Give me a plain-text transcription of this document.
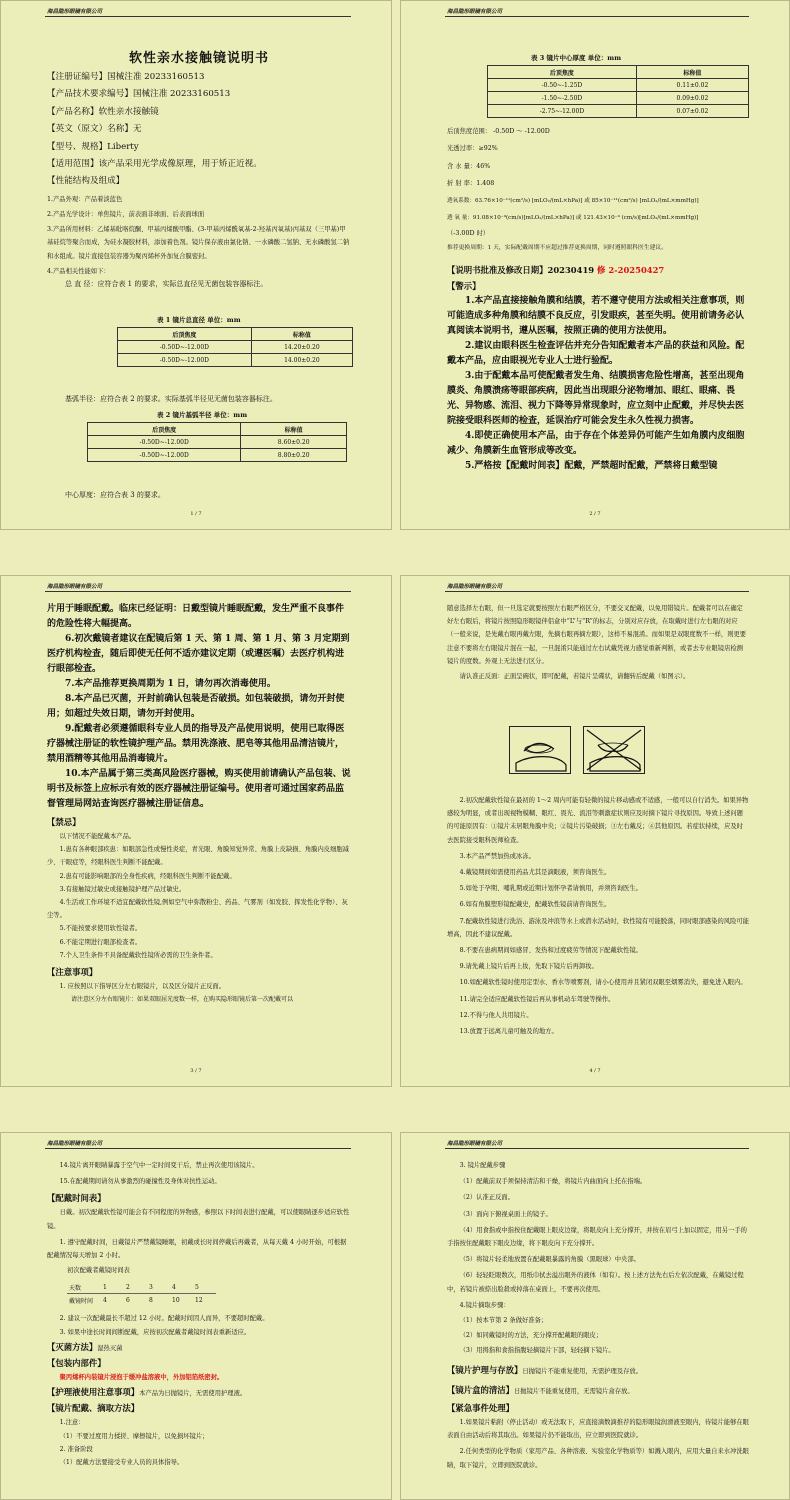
海昌隐形眼镜有限公司
软性亲水接触镜说明书
【注册证编号】国械注准 20233160513
【产品技术要求编号】国械注准 20233160513
【产品名称】软性亲水接触镜
【英文（原文）名称】无
【型号、规格】Liberty
【适用范围】该产品采用光学成像原理，用于矫正近视。
【性能结构及组成】
1.产品外观：产品着淡蓝色
2.产品光学设计：单焦镜片，前表面非球面、后表面球面
3.产品所用材料：乙烯基吡咯烷酮、甲基丙烯酸甲酯、(3-甲基丙烯酰氧基-2-羟基丙氧基)丙基双（三甲基)甲基硅烷等聚合而成，为硅水凝胶材料，添加着色剂。镜片保存液由氯化钠、一水磷酸二氢钠、无水磷酸氢二钠和水组成。镜片直接包装容器为聚丙烯杯外加复合膜密封。
4.产品相关性能如下：
总 直 径：应符合表 1 的要求，实际总直径见无菌包装容器标注。
表 1 镜片总直径 单位：mm
后顶焦度	标称值
-0.50D~-12.00D	14.20±0.20
-0.50D~-12.00D	14.00±0.20
基弧半径：应符合表 2 的要求。实际基弧半径见无菌包装容器标注。
表 2 镜片基弧半径 单位：mm
后顶焦度	标称值
-0.50D~-12.00D	8.60±0.20
-0.50D~-12.00D	8.80±0.20
中心厚度：应符合表 3 的要求。
1 / 7
海昌隐形眼镜有限公司
表 3 镜片中心厚度 单位：mm
后顶焦度	标称值
-0.50~-1.25D	0.11±0.02
-1.50~-2.50D	0.09±0.02
-2.75~-12.00D	0.07±0.02
后顶焦度范围： -0.50D ～ -12.00D
光透过率：≥92%
含 水 量：46%
折 射 率：1.408
透氧系数：63.76×10⁻¹¹(cm²/s) [mLO₂/(mL×hPa)] 或 85×10⁻¹¹(cm²/s) [mLO₂/(mL×mmHg)]
透 氧 量：91.08×10⁻⁹(cm/s)[mLO₂/(mL×hPa)] 或 121.43×10⁻⁹ (cm/s)[mLO₂/(mL×mmHg)]
（-3.00D 时）
推荐更换周期：1 天，实际配戴周期不应超过推荐更换周期，同时遵照眼科医生建议。
【说明书批准及修改日期】20230419 修 2-20250427
【警示】
1.本产品直接接触角膜和结膜，若不遵守使用方法或相关注意事项，则可能造成多种角膜和结膜不良反应，引发眼疾，甚至失明。使用前请务必认真阅读本说明书，遵从医嘱，按照正确的使用方法使用。
2.建议由眼科医生检查评估并充分告知配戴者本产品的获益和风险。配戴本产品，应由眼视光专业人士进行验配。
3.由于配戴本品可使配戴者发生角、结膜损害危险性增高，甚至出现角膜炎、角膜溃疡等眼部疾病，因此当出现眼分泌物增加、眼红、眼痛、畏光、异物感、流泪、视力下降等异常现象时，应立刻中止配戴，并尽快去医院接受眼科医师的检查，延误治疗可能会发生永久性视力损害。
4.即使正确使用本产品，由于存在个体差异仍可能产生如角膜内皮细胞减少、角膜新生血管形成等改变。
5.严格按【配戴时间表】配戴，严禁超时配戴，严禁将日戴型镜
2 / 7
海昌隐形眼镜有限公司
片用于睡眠配戴。临床已经证明：日戴型镜片睡眠配戴，发生严重不良事件的危险性将大幅提高。
6.初次戴镜者建议在配镜后第 1 天、第 1 周、第 1 月、第 3 月定期到医疗机构检查，随后即使无任何不适亦建议定期（或遵医嘱）去医疗机构进行眼部检查。
7.本产品推荐更换周期为 1 日，请勿再次消毒使用。
8.本产品已灭菌，开封前确认包装是否破损。如包装破损，请勿开封使用；如超过失效日期，请勿开封使用。
9.配戴者必须遵循眼科专业人员的指导及产品使用说明，使用已取得医疗器械注册证的软性镜护理产品。禁用洗涤液、肥皂等其他用品清洁镜片，禁用酒精等其他用品消毒镜片。
10.本产品属于第三类高风险医疗器械，购买使用前请确认产品包装、说明书及标签上应标示有效的医疗器械注册证编号。使用者可通过国家药品监督管理局网站查询医疗器械注册证信息。
【禁忌】
以下情况不能配戴本产品。
1.患有各种眼部疾患：如眼部急性或慢性炎症，青光眼、角膜知觉异常、角膜上皮缺损、角膜内皮细胞减少、干眼症等，经眼科医生判断不能配戴。
2.患有可能影响眼部的全身性疾病，经眼科医生判断不能配戴。
3.有接触镜过敏史或接触镜护理产品过敏史。
4.生活或工作环境不适宜配戴软性镜,例如空气中弥散粉尘、药品、气雾剂（如发胶、挥发性化学物）、灰尘等。
5.不能按要求使用软性镜者。
6.不能定期进行眼部检查者。
7.个人卫生条件不具备配戴软性镜所必需的卫生条件者。
【注意事项】
1. 应按照以下指导区分左右眼镜片，以及区分镜片正反面。
请注意区分左右眼镜片：如果双眼屈光度数一样，在购买隐形眼镜后第一次配戴可以
3 / 7
海昌隐形眼镜有限公司
随意选择左右眼，但一旦选定就要按照左右眼严格区分，不要交叉配戴，以免用错镜片。配戴者可以在确定好左右眼后，将镜片按照隐形眼镜伴侣盒中“L”与“R”的标志，分别对应存放，在取戴时进行左右眼的对应（一般来说，是先戴右眼再戴左眼，先摘右眼再摘左眼），这样不易混淆。而如果是双眼度数不一样，则更要注意不要将左右眼镜片混在一起，一旦混淆只能通过左右试戴凭视力感觉重新判断，或者去专业眼镜店检测镜片的度数。外观上无法进行区分。
请认准正反面：正面呈碗状，即可配戴，若镜片呈碟状，请翻转后配戴（如图示）。
2.初次配戴软性镜在最初的 1～2 周内可能有轻微的镜片移动感或不适感，一般可以自行消失。如果异物感较为明显，或者出现视物模糊、眼红、畏光、流泪等刺激症状则应及时摘下镜片寻找原因。导致上述问题的可能原因有：①镜片未居眼角膜中央；②镜片污染破损；③左右戴反；④其他原因。若症状持续，应及时去医院接受眼科医师检查。
3.本产品严禁加热或冰冻。
4.戴镜期间如需使用药品尤其是滴眼液，须咨询医生。
5.如处于孕期、哺乳期或近期计划怀孕者请慎用，并须咨询医生。
6.如有角膜塑形镜配戴史，配戴软性镜前请咨询医生。
7.配戴软性镜进行洗浴、游泳及冲浪等水上或潜水活动时，软性镜有可能脱落，同时眼部感染的风险可能增高，因此不建议配戴。
8.不要在患病期间如感冒、发热和过度疲劳等情况下配戴软性镜。
9.请先戴上镜片后再上妆，先取下镜片后再卸妆。
10.如配戴软性镜时使用定型水、香水等喷雾剂，请小心使用并且紧闭双眼至烟雾消失，避免进入眼内。
11.请完全适应配戴软性镜后再从事机动车驾驶等操作。
12.不得与他人共用镜片。
13.放置于远离儿童可触及的地方。
4 / 7
海昌隐形眼镜有限公司
14.镜片离开眼睛暴露于空气中一定时间变干后，禁止再次使用该镜片。
15.在配戴期间请勿从事激烈的碰撞性及身体对抗性运动。
【配戴时间表】
日戴。初次配戴软性镜可能会有不同程度的异物感，参照以下时间表进行配戴，可以使眼睛逐步适应软性镜。
1. 遵守配戴时间，日戴镜片严禁戴镜睡眠，初戴或长时间停戴后再戴者，从每天戴 4 小时开始，可根据配戴情况每天增加 2 小时。
初次配戴者戴镜时间表
天数	1	2	3	4	5
戴镜时间	4	6	8	10	12
2. 建议一次配戴最长不超过 12 小时。配戴时间因人而异，不要超时配戴。
3. 如果中途长时间间断配戴，应按初次配戴者戴镜时间表重新适应。
【灭菌方法】湿热灭菌
【包装内部件】
聚丙烯杯内装镜片浸泡于缓冲盐溶液中，外加铝箔纸密封。
【护理液使用注意事项】本产品为日抛镜片，无需使用护理液。
【镜片配戴、摘取方法】
1.注意：
（1）不要过度用力揉搓、摩擦镜片，以免损坏镜片；
2. 准备阶段
（1）配戴方法要接受专业人员的具体指导。
海昌隐形眼镜有限公司
3. 镜片配戴步骤
（1）配戴前双手须保持清洁和干燥，将镜片内曲面向上托在指端。
（2）认准正反面。
（3）面向下俯视桌面上的镜子。
（4）用食指或中指按住配戴眼上眼皮边缘，将眼皮向上充分撑开，并按在眉弓上加以固定，用另一手的手指按住配戴眼下眼皮边缘，将下眼皮向下充分撑开。
（5）将镜片轻柔地放置在配戴眼暴露的角膜（黑眼球）中央部。
（6）轻轻眨眼数次，用纸巾拭去溢出眼外的液体（如有）。按上述方法先右后左依次配戴，在戴镜过程中，若镜片被捺出脸殺或掉落在桌面上，不要再次使用。
4.镜片摘取步骤：
（1）按本节第 2 条做好准备；
（2）如同戴镜时的方法，充分撑开配戴眼的眼皮；
（3）用拇指和食指指腹轻摘镜片下部，轻轻摘下镜片。
【镜片护理与存放】日抛镜片不能重复使用，无需护理及存放。
【镜片盒的清洁】日抛镜片不能重复使用，无需镜片盒存放。
【紧急事件处理】
1.如果镜片粘附（停止活动）或无法取下，应直接滴数滴推荐的隐形眼镜润滑液至眼内，待镜片能够在眼表面自由活动后将其取出。如果镜片仍不能取出，应立即到医院就诊。
2.任何类型的化学物质（家用产品、各种溶液、实验室化学物质等）如溅入眼内，应用大量自来水冲洗眼睛，取下镜片，立即到医院就诊。
